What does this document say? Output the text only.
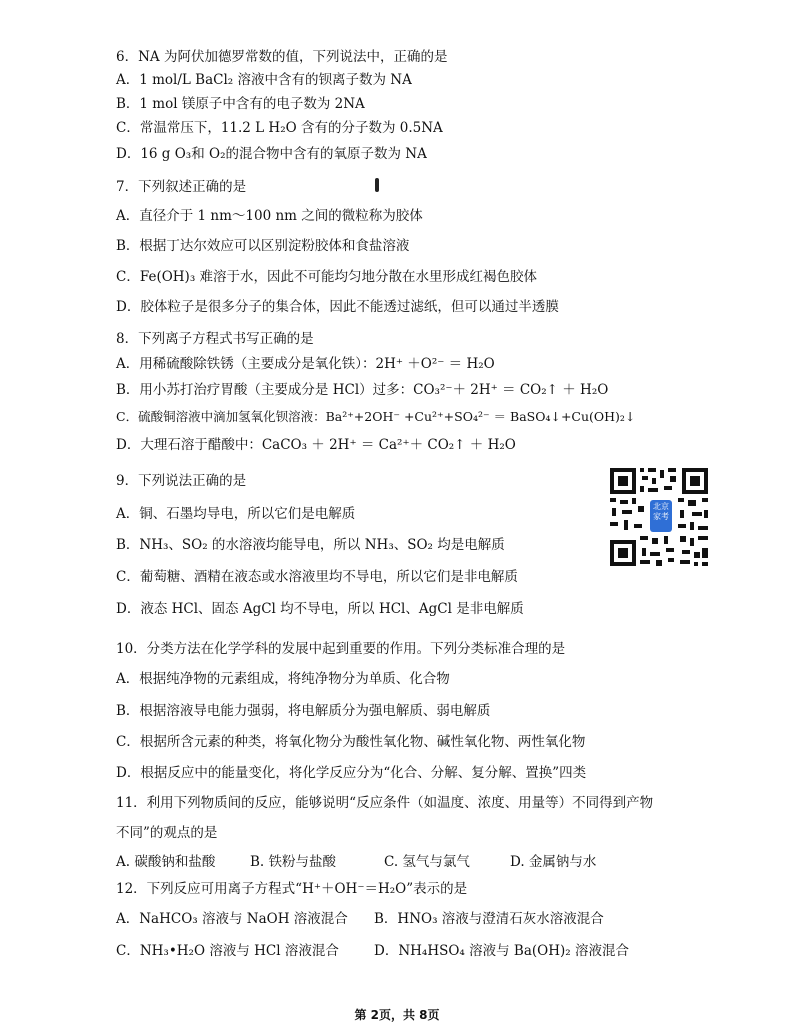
6．NA 为阿伏加德罗常数的值，下列说法中，正确的是
A．1 mol/L BaCl₂ 溶液中含有的钡离子数为 NA
B．1 mol 镁原子中含有的电子数为 2NA
C．常温常压下，11.2 L H₂O 含有的分子数为 0.5NA
D．16 g O₃和 O₂的混合物中含有的氧原子数为 NA
7．下列叙述正确的是
A．直径介于 1 nm～100 nm 之间的微粒称为胶体
B．根据丁达尔效应可以区别淀粉胶体和食盐溶液
C．Fe(OH)₃ 难溶于水，因此不可能均匀地分散在水里形成红褐色胶体
D．胶体粒子是很多分子的集合体，因此不能透过滤纸，但可以通过半透膜
8．下列离子方程式书写正确的是
A．用稀硫酸除铁锈（主要成分是氧化铁）：2H⁺ ＋O²⁻ ＝ H₂O
B．用小苏打治疗胃酸（主要成分是 HCl）过多：CO₃²⁻＋ 2H⁺ ＝ CO₂↑ ＋ H₂O
C．硫酸铜溶液中滴加氢氧化钡溶液：Ba²⁺+2OH⁻ +Cu²⁺+SO₄²⁻ ＝ BaSO₄↓+Cu(OH)₂↓
D．大理石溶于醋酸中：CaCO₃ ＋ 2H⁺ ＝ Ca²⁺＋ CO₂↑ ＋ H₂O
9．下列说法正确的是
A．铜、石墨均导电，所以它们是电解质
B．NH₃、SO₂ 的水溶液均能导电，所以 NH₃、SO₂ 均是电解质
C．葡萄糖、酒精在液态或水溶液里均不导电，所以它们是非电解质
D．液态 HCl、固态 AgCl 均不导电，所以 HCl、AgCl 是非电解质
北京
家考
10．分类方法在化学学科的发展中起到重要的作用。下列分类标准合理的是
A．根据纯净物的元素组成，将纯净物分为单质、化合物
B．根据溶液导电能力强弱，将电解质分为强电解质、弱电解质
C．根据所含元素的种类，将氧化物分为酸性氧化物、碱性氧化物、两性氧化物
D．根据反应中的能量变化，将化学反应分为“化合、分解、复分解、置换”四类
11．利用下列物质间的反应，能够说明“反应条件（如温度、浓度、用量等）不同得到产物
不同”的观点的是
A. 碳酸钠和盐酸	B. 铁粉与盐酸	C. 氢气与氯气	D. 金属钠与水
12．下列反应可用离子方程式“H⁺＋OH⁻＝H₂O”表示的是
A．NaHCO₃ 溶液与 NaOH 溶液混合 B．HNO₃ 溶液与澄清石灰水溶液混合
C．NH₃•H₂O 溶液与 HCl 溶液混合	D．NH₄HSO₄ 溶液与 Ba(OH)₂ 溶液混合
第 2页，共 8页
